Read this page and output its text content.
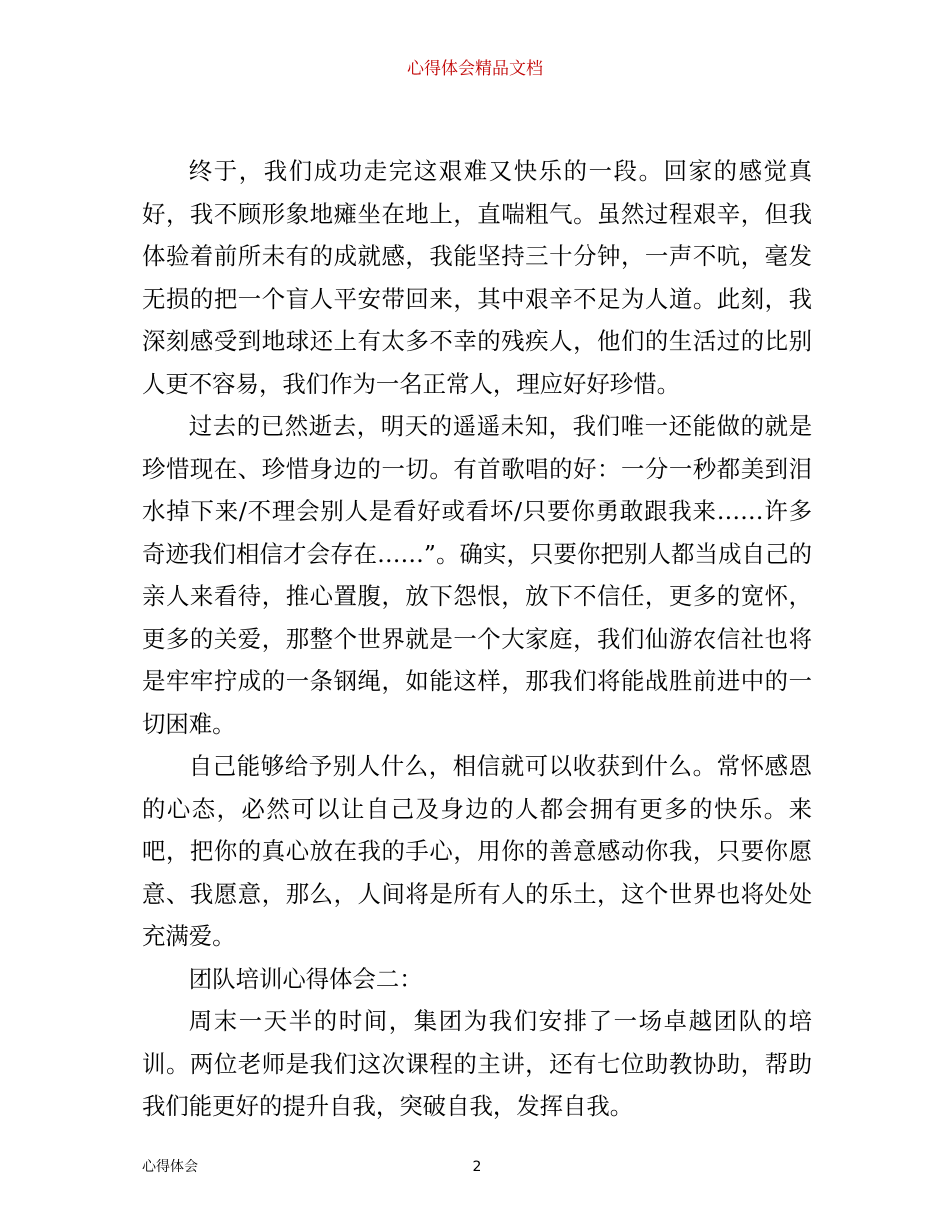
心得体会精品文档

终于，我们成功走完这艰难又快乐的一段。回家的感觉真好，我不顾形象地瘫坐在地上，直喘粗气。虽然过程艰辛，但我体验着前所未有的成就感，我能坚持三十分钟，一声不吭，毫发无损的把一个盲人平安带回来，其中艰辛不足为人道。此刻，我深刻感受到地球还上有太多不幸的残疾人，他们的生活过的比别人更不容易，我们作为一名正常人，理应好好珍惜。

过去的已然逝去，明天的遥遥未知，我们唯一还能做的就是珍惜现在、珍惜身边的一切。有首歌唱的好：一分一秒都美到泪水掉下来/不理会别人是看好或看坏/只要你勇敢跟我来……许多奇迹我们相信才会存在……”。确实，只要你把别人都当成自己的亲人来看待，推心置腹，放下怨恨，放下不信任，更多的宽怀，更多的关爱，那整个世界就是一个大家庭，我们仙游农信社也将是牢牢拧成的一条钢绳，如能这样，那我们将能战胜前进中的一切困难。

自己能够给予别人什么，相信就可以收获到什么。常怀感恩的心态，必然可以让自己及身边的人都会拥有更多的快乐。来吧，把你的真心放在我的手心，用你的善意感动你我，只要你愿意、我愿意，那么，人间将是所有人的乐土，这个世界也将处处充满爱。

团队培训心得体会二：

周末一天半的时间，集团为我们安排了一场卓越团队的培训。两位老师是我们这次课程的主讲，还有七位助教协助，帮助我们能更好的提升自我，突破自我，发挥自我。

心得体会	2
